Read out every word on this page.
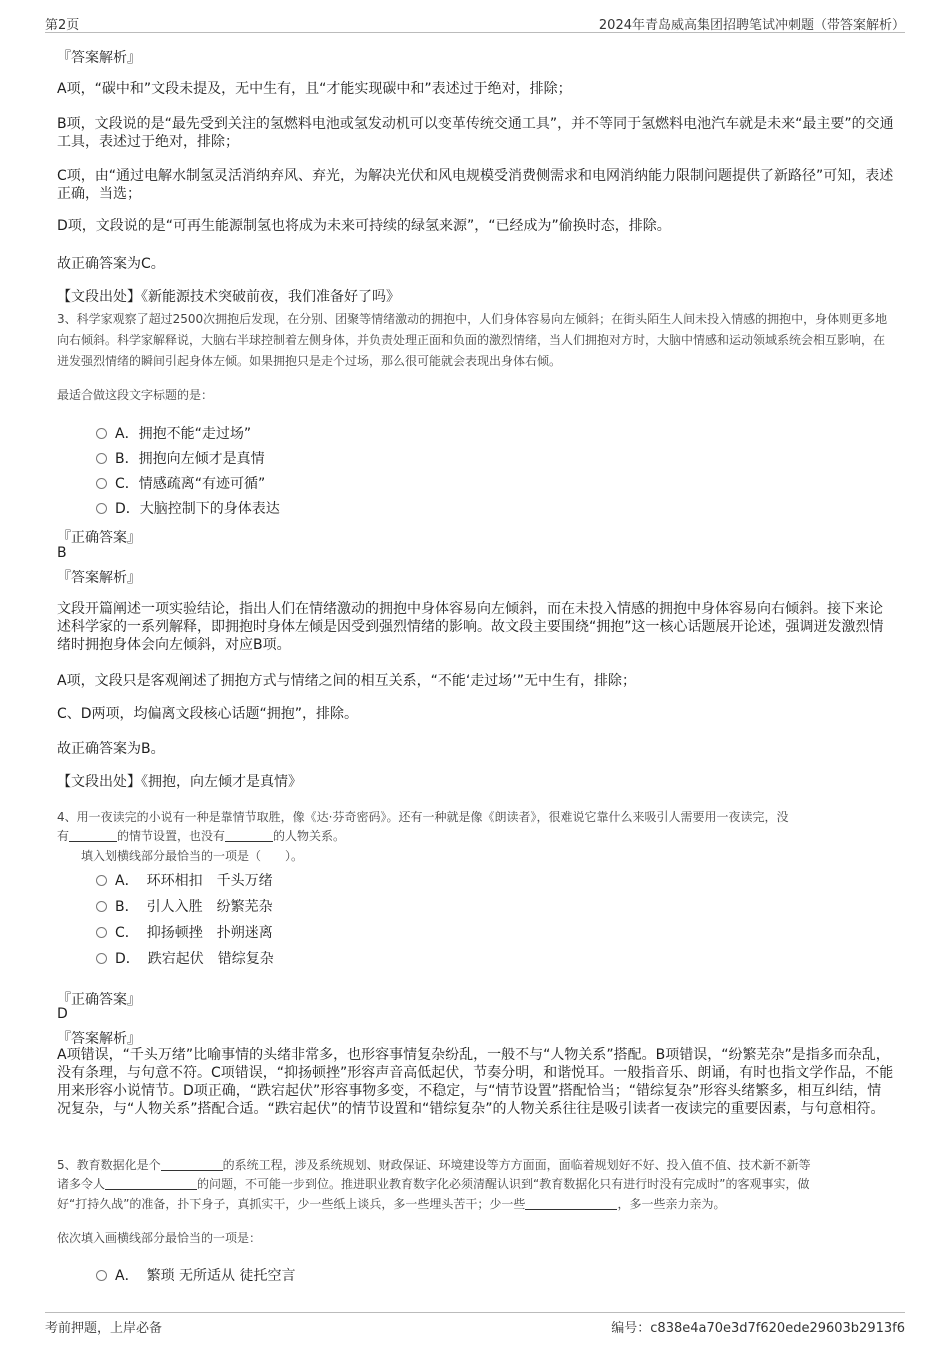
第2页	2024年青岛威高集团招聘笔试冲刺题（带答案解析）
『答案解析』
A项，“碳中和”文段未提及，无中生有，且“才能实现碳中和”表述过于绝对，排除；
B项，文段说的是“最先受到关注的氢燃料电池或氢发动机可以变革传统交通工具”，并不等同于氢燃料电池汽车就是未来“最主要”的交通工具，表述过于绝对，排除；
C项，由“通过电解水制氢灵活消纳弃风、弃光，为解决光伏和风电规模受消费侧需求和电网消纳能力限制问题提供了新路径”可知，表述正确，当选；
D项，文段说的是“可再生能源制氢也将成为未来可持续的绿氢来源”，“已经成为”偷换时态，排除。
故正确答案为C。
【文段出处】《新能源技术突破前夜，我们准备好了吗》
3、科学家观察了超过2500次拥抱后发现，在分别、团聚等情绪激动的拥抱中，人们身体容易向左倾斜；在街头陌生人间未投入情感的拥抱中，身体则更多地向右倾斜。科学家解释说，大脑右半球控制着左侧身体，并负责处理正面和负面的激烈情绪，当人们拥抱对方时，大脑中情感和运动领域系统会相互影响，在迸发强烈情绪的瞬间引起身体左倾。如果拥抱只是走个过场，那么很可能就会表现出身体右倾。
最适合做这段文字标题的是：
A．拥抱不能“走过场”
B．拥抱向左倾才是真情
C．情感疏离“有迹可循”
D．大脑控制下的身体表达
『正确答案』
B
『答案解析』
文段开篇阐述一项实验结论，指出人们在情绪激动的拥抱中身体容易向左倾斜，而在未投入情感的拥抱中身体容易向右倾斜。接下来论述科学家的一系列解释，即拥抱时身体左倾是因受到强烈情绪的影响。故文段主要围绕“拥抱”这一核心话题展开论述，强调迸发激烈情绪时拥抱身体会向左倾斜，对应B项。
A项，文段只是客观阐述了拥抱方式与情绪之间的相互关系，“不能‘走过场’”无中生有，排除；
C、D两项，均偏离文段核心话题“拥抱”，排除。
故正确答案为B。
【文段出处】《拥抱，向左倾才是真情》
4、用一夜读完的小说有一种是靠情节取胜，像《达·芬奇密码》。还有一种就是像《朗读者》，很难说它靠什么来吸引人需要用一夜读完，没
有	的情节设置，也没有	的人物关系。
填入划横线部分最恰当的一项是（　　）。
A． 环环相扣　千头万绪
B． 引人入胜　纷繁芜杂
C． 抑扬顿挫　扑朔迷离
D． 跌宕起伏　错综复杂
『正确答案』
D
『答案解析』
A项错误，“千头万绪”比喻事情的头绪非常多，也形容事情复杂纷乱，一般不与“人物关系”搭配。B项错误，“纷繁芜杂”是指多而杂乱，没有条理，与句意不符。C项错误，“抑扬顿挫”形容声音高低起伏，节奏分明，和谐悦耳。一般指音乐、朗诵，有时也指文学作品，不能用来形容小说情节。D项正确，“跌宕起伏”形容事物多变，不稳定，与“情节设置”搭配恰当；“错综复杂”形容头绪繁多，相互纠结，情况复杂，与“人物关系”搭配合适。“跌宕起伏”的情节设置和“错综复杂”的人物关系往往是吸引读者一夜读完的重要因素，与句意相符。
5、教育数据化是个	的系统工程，涉及系统规划、财政保证、环境建设等方方面面，面临着规划好不好、投入值不值、技术新不新等
诸多令人	的问题，不可能一步到位。推进职业教育数字化必须清醒认识到“教育数据化只有进行时没有完成时”的客观事实，做
好“打持久战”的准备，扑下身子，真抓实干，少一些纸上谈兵，多一些埋头苦干；少一些	，多一些亲力亲为。
依次填入画横线部分最恰当的一项是：
A． 繁琐 无所适从 徒托空言
考前押题，上岸必备	编号：c838e4a70e3d7f620ede29603b2913f6
